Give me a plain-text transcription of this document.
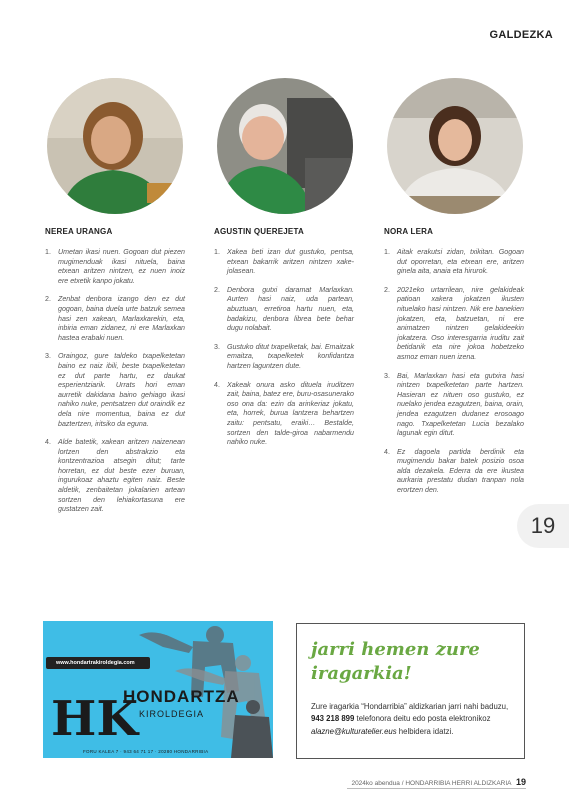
GALDEZKA
NEREA URANGA
1. Umetan ikasi nuen. Gogoan dut piezen mugimenduak ikasi nituela, baina etxean aritzen nintzen, ez nuen inoiz ere etxetik kanpo jokatu.
2. Zenbat denbora izango den ez dut gogoan, baina duela urte batzuk semea hasi zen xakean, Marlaxkarekin, eta, inbiria eman zidanez, ni ere Marlaxkan hastea erabaki nuen.
3. Oraingoz, gure taldeko txapelketetan baino ez naiz ibili, beste txapelketetan ez dut parte hartu, ez daukat esperientziarik. Urrats hori eman aurretik dakidana baino gehiago ikasi nahiko nuke, pentsatzen dut oraindik ez dela nire momentua, baina ez dut baztertzen, iritsiko da eguna.
4. Alde batetik, xakean aritzen naizenean lortzen den abstrakzio eta kontzentrazioa atsegin ditut; tarte horretan, ez dut beste ezer buruan, ingurukoaz ahaztu egiten naiz. Beste aldetik, zenbaitetan jokalarien artean sortzen den lehiakortasuna ere gustatzen zait.
AGUSTIN QUEREJETA
1. Xakea beti izan dut gustuko, pentsa, etxean bakarrik aritzen nintzen xake-jolasean.
2. Denbora gutxi daramat Marlaxkan. Aurten hasi naiz, uda partean, abuztuan, erretiroa hartu nuen, eta, badakizu, denbora librea bete behar dugu nolabait.
3. Gustuko ditut txapelketak, bai. Emaitzak emaitza, txapelketek konfidantza hartzen laguntzen dute.
4. Xakeak onura asko dituela iruditzen zait, baina, batez ere, buru-osasunerako oso ona da: ezin da arinkeriaz jokatu, eta, horrek, burua lantzera behartzen zaitu: pentsatu, eraiki… Bestalde, sortzen den talde-giroa nabarmendu nahiko nuke.
NORA LERA
1. Aitak erakutsi zidan, txikitan. Gogoan dut oporretan, eta etxean ere, aritzen ginela aita, anaia eta hirurok.
2. 2021eko urtarrilean, nire gelakideak patioan xakera jokatzen ikusten nituelako hasi nintzen. Nik ere banekien jokatzen, eta, batzuetan, ni ere animatzen nintzen gelakideekin jokatzera. Oso interesgarria iruditu zait betidanik eta nire jokoa hobetzeko asmoz eman nuen izena.
3. Bai, Marlaxkan hasi eta gutxira hasi nintzen txapelketetan parte hartzen. Hasieran ez nituen oso gustuko, ez nuelako jendea ezagutzen, baina, orain, jendea ezagutzen dudanez erosoago nago. Txapelketetan Lucia bezalako lagunak egin ditut.
4. Ez dagoela partida berdinik eta mugimendu bakar batek posizio osoa alda dezakela. Ederra da ere ikustea aurkaria prestatu dudan tranpan nola erortzen den.
19
www.hondartrakiroldegia.com
HK
HONDARTZA
KIROLDEGIA
FORU KALEA 7 · 943 64 71 17 · 20280 HONDARRIBIA
jarri hemen zure iragarkia!
Zure iragarkia “Hondarribia” aldizkarian jarri nahi baduzu, 943 218 899 telefonora deitu edo posta elektronikoz alazne@kulturatelier.eus helbidera idatzi.
2024ko abendua / HONDARRIBIA HERRI ALDIZKARIA 19
